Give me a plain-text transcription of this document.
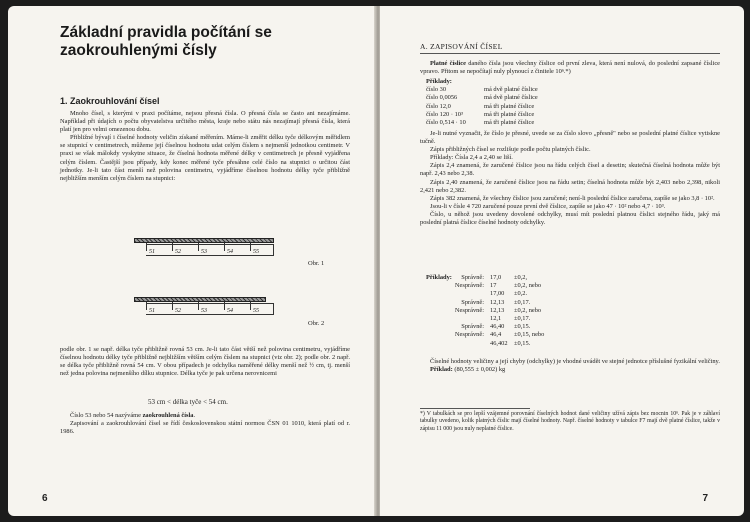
Základní pravidla počítání se zaokrouhlenými čísly
1. Zaokrouhlování čísel

Mnoho čísel, s kterými v praxi počítáme, nejsou přesná čísla. O přesná čísla se často ani nezajímáme. Například při údajích o počtu obyvatelstva určitého města, kraje nebo státu nás nezajímají přesná čísla, která platí jen pro velmi omezenou dobu.

Přibližné bývají i číselné hodnoty veličin získané měřením. Máme-li změřit délku tyče délkovým měřidlem se stupnicí v centimetrech, můžeme její číselnou hodnotu udat celým číslem s nejmenší jednotkou centimetr. V praxi se však málokdy vyskytne situace, že číselná hodnota měřené délky v centimetrech je přesně vyjádřena celým číslem. Častější jsou případy, kdy konec měřené tyče přesáhne celé číslo na stupnici o určitou část jednotky. Je-li tato část menší než polovina centimetru, vyjádříme číselnou hodnotu délky tyče přibližně nejbližším menším celým číslem na stupnici:

51	52	53	54	55
Obr. 1
51	52	53	54	55
Obr. 2

podle obr. 1 se např. délka tyče přibližně rovná 53 cm. Je-li tato část větší než polovina centimetru, vyjádříme číselnou hodnotu délky tyče přibližně nejbližším větším celým číslem na stupnici (viz obr. 2); podle obr. 2 např. se délka tyče přibližně rovná 54 cm. V obou případech je odchylka naměřené délky menší než ½ cm, tj. menší než jedna polovina nejmenšího dílku stupnice. Délka tyče je pak určena nerovnicemi

53 cm < délka tyče < 54 cm.

Číslo 53 nebo 54 nazýváme zaokrouhlená čísla.

Zapisování a zaokrouhlování čísel se řídí československou státní normou ČSN 01 1010, která platí od r. 1986.

6
A. ZAPISOVÁNÍ ČÍSEL

Platné číslice daného čísla jsou všechny číslice od první zleva, která není nulová, do poslední zapsané číslice vpravo. Přitom se nepočítají nuly plynoucí z činitele 10ⁿ.*)

Příklady:
číslo 30	má dvě platné číslice
číslo 0,0056	má dvě platné číslice
číslo 12,0	má tři platné číslice
číslo 120 · 10³	má tři platné číslice
číslo 0,514 · 10	má tři platné číslice

Je-li nutné vyznačit, že číslo je přesné, uvede se za číslo slovo „přesně" nebo se poslední platné číslice vytiskne tučně.

Zápis přibližných čísel se rozlišuje podle počtu platných číslic.

Příklady: Čísla 2,4 a 2,40 se liší.

Zápis 2,4 znamená, že zaručené číslice jsou na řádu celých čísel a desetin; skutečná číselná hodnota může být např. 2,43 nebo 2,38.

Zápis 2,40 znamená, že zaručené číslice jsou na řádu setin; číselná hodnota může být 2,403 nebo 2,398, nikoli 2,421 nebo 2,382.

Zápis 382 znamená, že všechny číslice jsou zaručené; není-li poslední číslice zaručena, zapíše se jako 3,8 · 10².

Jsou-li v čísle 4 720 zaručené pouze první dvě číslice, zapíše se jako 47 · 10² nebo 4,7 · 10³.

Číslo, u něhož jsou uvedeny dovolené odchylky, musí mít poslední platnou číslici stejného řádu, jaký má poslední platná číslice číselné hodnoty odchylky.

Příklady:	Správně: 17,0	±0,2,
Nesprávně: 17	±0,2, nebo
17,00	±0,2.
Správně: 12,13	±0,17.
Nesprávně: 12,13	±0,2, nebo
12,1	±0,17.
Správně: 46,40	±0,15.
Nesprávně: 46,4	±0,15, nebo
46,402	±0,15.

Číselné hodnoty veličiny a její chyby (odchylky) je vhodné uvádět ve stejné jednotce příslušné fyzikální veličiny.

Příklad: (80,555 ± 0,002) kg

*) V tabulkách se pro lepší vzájemné porovnání číselných hodnot dané veličiny užívá zápis bez mocnin 10ⁿ. Pak je v záhlaví tabulky uvedeno, kolik platných číslic mají číselné hodnoty. Např. číselné hodnoty v tabulce F7 mají dvě platné číslice, takže v zápisu 11 000 jsou nuly neplatné číslice.
7
